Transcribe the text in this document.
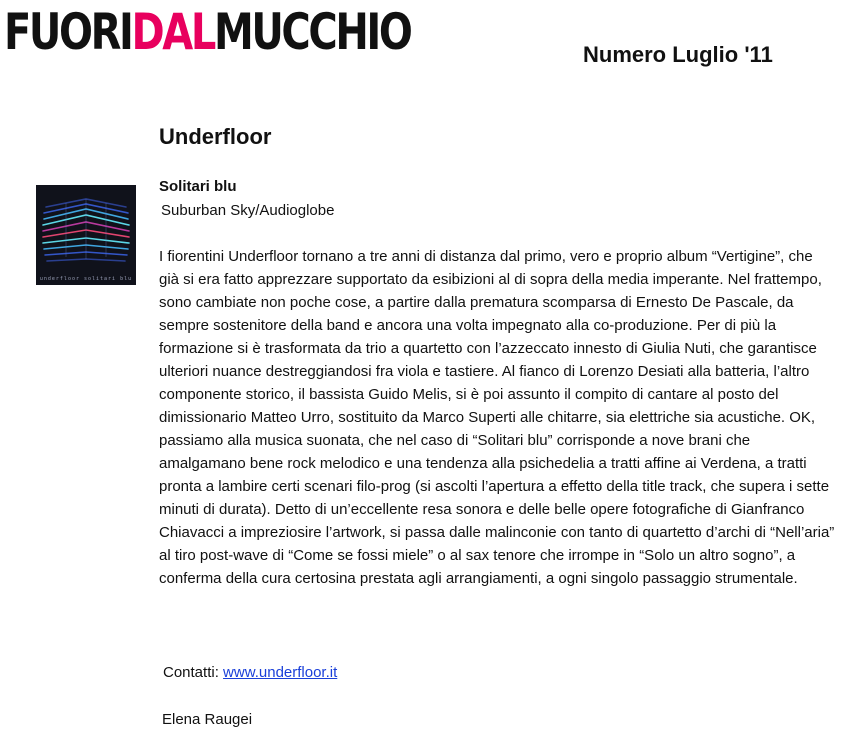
FUORIDALMUCCHIO	Numero Luglio '11
Underfloor
underfloor solitari blu
Solitari blu
Suburban Sky/Audioglobe

I fiorentini Underfloor tornano a tre anni di distanza dal primo, vero e proprio album “Vertigine”, che già si era fatto apprezzare supportato da esibizioni al di sopra della media imperante. Nel frattempo, sono cambiate non poche cose, a partire dalla prematura scomparsa di Ernesto De Pascale, da sempre sostenitore della band e ancora una volta impegnato alla co-produzione. Per di più la formazione si è trasformata da trio a quartetto con l’azzeccato innesto di Giulia Nuti, che garantisce ulteriori nuance destreggiandosi fra viola e tastiere. Al fianco di Lorenzo Desiati alla batteria, l’altro componente storico, il bassista Guido Melis, si è poi assunto il compito di cantare al posto del dimissionario Matteo Urro, sostituito da Marco Superti alle chitarre, sia elettriche sia acustiche. OK, passiamo alla musica suonata, che nel caso di “Solitari blu” corrisponde a nove brani che amalgamano bene rock melodico e una tendenza alla psichedelia a tratti affine ai Verdena, a tratti pronta a lambire certi scenari filo-prog (si ascolti l’apertura a effetto della title track, che supera i sette minuti di durata). Detto di un’eccellente resa sonora e delle belle opere fotografiche di Gianfranco Chiavacci a impreziosire l’artwork, si passa dalle malinconie con tanto di quartetto d’archi di “Nell’aria” al tiro post-wave di “Come se fossi miele” o al sax tenore che irrompe in “Solo un altro sogno”, a conferma della cura certosina prestata agli arrangiamenti, a ogni singolo passaggio strumentale.

Contatti: www.underfloor.it
Elena Raugei
